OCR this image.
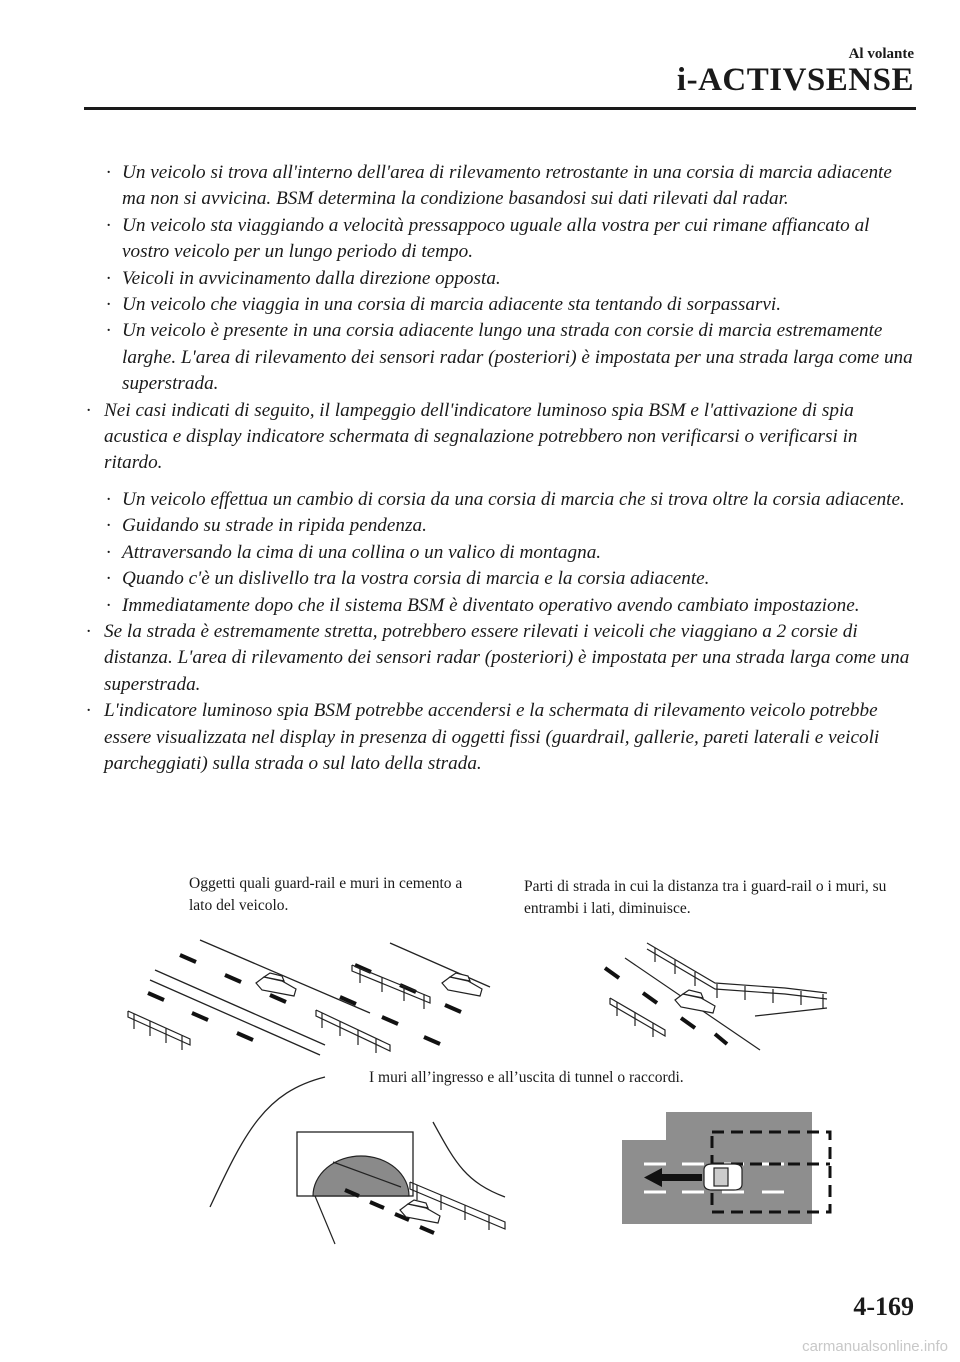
Al volante
i-ACTIVSENSE
· Un veicolo si trova all'interno dell'area di rilevamento retrostante in una corsia di marcia adiacente ma non si avvicina. BSM determina la condizione basandosi sui dati rilevati dal radar.
· Un veicolo sta viaggiando a velocità pressappoco uguale alla vostra per cui rimane affiancato al vostro veicolo per un lungo periodo di tempo.
· Veicoli in avvicinamento dalla direzione opposta.
· Un veicolo che viaggia in una corsia di marcia adiacente sta tentando di sorpassarvi.
· Un veicolo è presente in una corsia adiacente lungo una strada con corsie di marcia estremamente larghe. L'area di rilevamento dei sensori radar (posteriori) è impostata per una strada larga come una superstrada.
· Nei casi indicati di seguito, il lampeggio dell'indicatore luminoso spia BSM e l'attivazione di spia acustica e display indicatore schermata di segnalazione potrebbero non verificarsi o verificarsi in ritardo.
· Un veicolo effettua un cambio di corsia da una corsia di marcia che si trova oltre la corsia adiacente.
· Guidando su strade in ripida pendenza.
· Attraversando la cima di una collina o un valico di montagna.
· Quando c'è un dislivello tra la vostra corsia di marcia e la corsia adiacente.
· Immediatamente dopo che il sistema BSM è diventato operativo avendo cambiato impostazione.
· Se la strada è estremamente stretta, potrebbero essere rilevati i veicoli che viaggiano a 2 corsie di distanza. L'area di rilevamento dei sensori radar (posteriori) è impostata per una strada larga come una superstrada.
· L'indicatore luminoso spia BSM potrebbe accendersi e la schermata di rilevamento veicolo potrebbe essere visualizzata nel display in presenza di oggetti fissi (guardrail, gallerie, pareti laterali e veicoli parcheggiati) sulla strada o sul lato della strada.
Oggetti quali guard-rail e muri in cemento a lato del veicolo.
Parti di strada in cui la distanza tra i guard-rail o i muri, su entrambi i lati, diminuisce.
I muri all’ingresso e all’uscita di tunnel o raccordi.
4-169
carmanualsonline.info
